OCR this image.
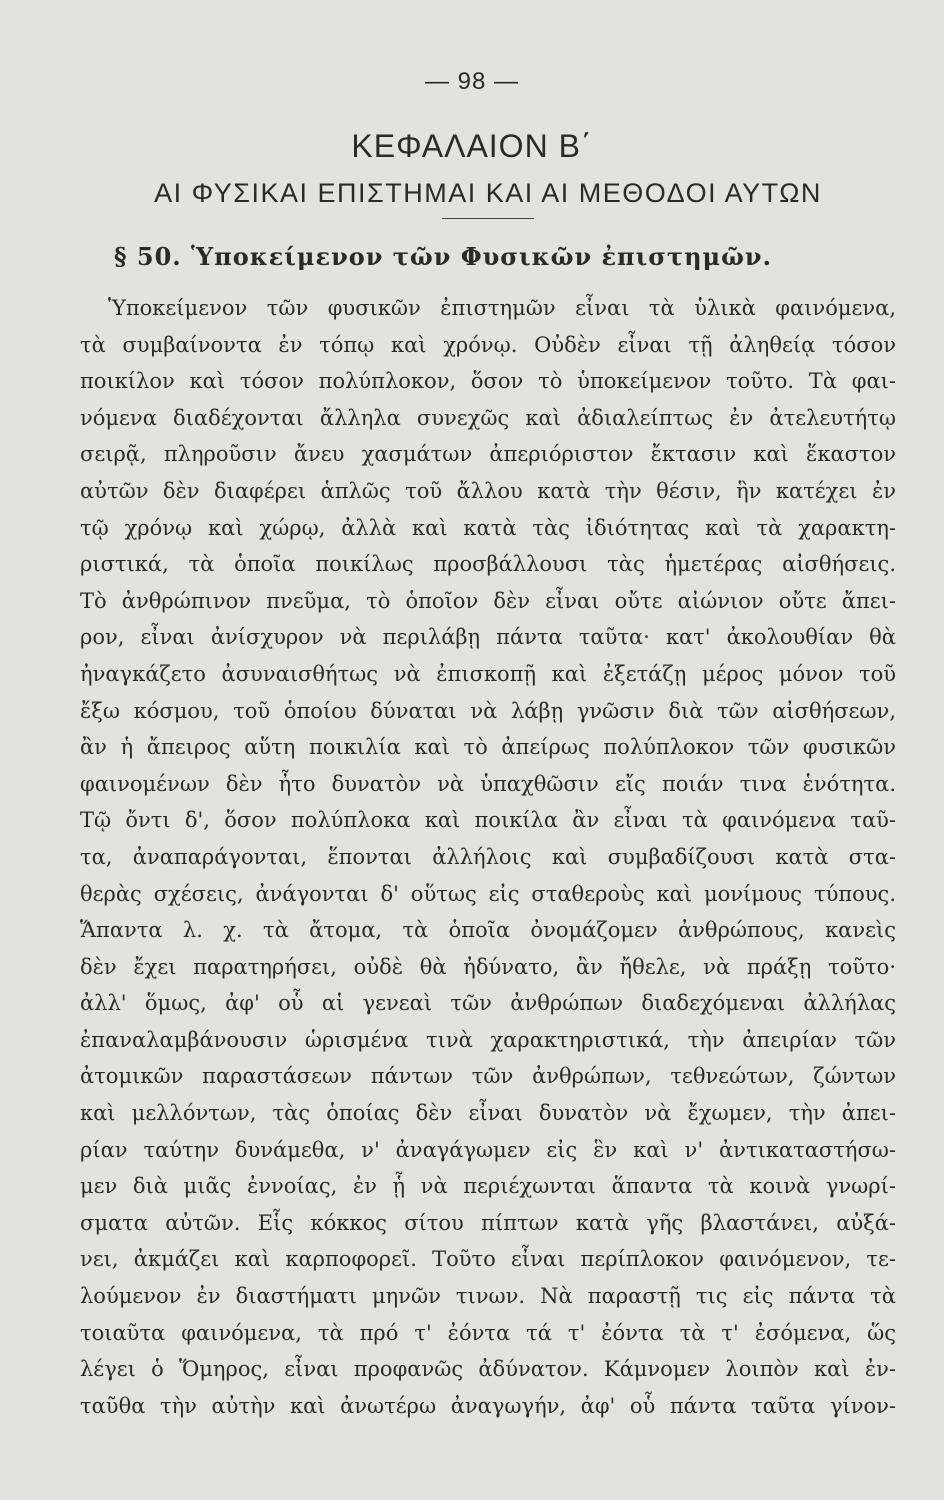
— 98 —
ΚΕΦΑΛΑΙΟΝ Β΄
ΑΙ ΦΥΣΙΚΑΙ ΕΠΙΣΤΗΜΑΙ ΚΑΙ ΑΙ ΜΕΘΟΔΟΙ ΑΥΤΩΝ
§ 50. Ὑποκείμενον τῶν Φυσικῶν ἐπιστημῶν.
Ὑποκείμενον τῶν φυσικῶν ἐπιστημῶν εἶναι τὰ ὑλικὰ φαινόμενα,
τὰ συμβαίνοντα ἐν τόπῳ καὶ χρόνῳ. Οὐδὲν εἶναι τῇ ἀληθείᾳ τόσον
ποικίλον καὶ τόσον πολύπλοκον, ὅσον τὸ ὑποκείμενον τοῦτο. Τὰ φαι-
νόμενα διαδέχονται ἄλληλα συνεχῶς καὶ ἀδιαλείπτως ἐν ἀτελευτήτῳ
σειρᾷ, πληροῦσιν ἄνευ χασμάτων ἀπεριόριστον ἔκτασιν καὶ ἕκαστον
αὐτῶν δὲν διαφέρει ἁπλῶς τοῦ ἄλλου κατὰ τὴν θέσιν, ἣν κατέχει ἐν
τῷ χρόνῳ καὶ χώρῳ, ἀλλὰ καὶ κατὰ τὰς ἰδιότητας καὶ τὰ χαρακτη-
ριστικά, τὰ ὁποῖα ποικίλως προσβάλλουσι τὰς ἡμετέρας αἰσθήσεις.
Τὸ ἀνθρώπινον πνεῦμα, τὸ ὁποῖον δὲν εἶναι οὔτε αἰώνιον οὔτε ἄπει-
ρον, εἶναι ἀνίσχυρον νὰ περιλάβῃ πάντα ταῦτα· κατ' ἀκολουθίαν θὰ
ἠναγκάζετο ἀσυναισθήτως νὰ ἐπισκοπῇ καὶ ἐξετάζῃ μέρος μόνον τοῦ
ἔξω κόσμου, τοῦ ὁποίου δύναται νὰ λάβῃ γνῶσιν διὰ τῶν αἰσθήσεων,
ἂν ἡ ἄπειρος αὕτη ποικιλία καὶ τὸ ἀπείρως πολύπλοκον τῶν φυσικῶν
φαινομένων δὲν ἦτο δυνατὸν νὰ ὑπαχθῶσιν εἴς ποιάν τινα ἑνότητα.
Τῷ ὄντι δ', ὅσον πολύπλοκα καὶ ποικίλα ἂν εἶναι τὰ φαινόμενα ταῦ-
τα, ἀναπαράγονται, ἕπονται ἀλλήλοις καὶ συμβαδίζουσι κατὰ στα-
θερὰς σχέσεις, ἀνάγονται δ' οὕτως εἰς σταθεροὺς καὶ μονίμους τύπους.
Ἅπαντα λ. χ. τὰ ἄτομα, τὰ ὁποῖα ὀνομάζομεν ἀνθρώπους, κανεὶς
δὲν ἔχει παρατηρήσει, οὐδὲ θὰ ἠδύνατο, ἂν ἤθελε, νὰ πράξῃ τοῦτο·
ἀλλ' ὅμως, ἀφ' οὗ αἱ γενεαὶ τῶν ἀνθρώπων διαδεχόμεναι ἀλλήλας
ἐπαναλαμβάνουσιν ὡρισμένα τινὰ χαρακτηριστικά, τὴν ἀπειρίαν τῶν
ἀτομικῶν παραστάσεων πάντων τῶν ἀνθρώπων, τεθνεώτων, ζώντων
καὶ μελλόντων, τὰς ὁποίας δὲν εἶναι δυνατὸν νὰ ἔχωμεν, τὴν ἀπει-
ρίαν ταύτην δυνάμεθα, ν' ἀναγάγωμεν εἰς ἓν καὶ ν' ἀντικαταστήσω-
μεν διὰ μιᾶς ἐννοίας, ἐν ᾗ νὰ περιέχωνται ἅπαντα τὰ κοινὰ γνωρί-
σματα αὐτῶν. Εἷς κόκκος σίτου πίπτων κατὰ γῆς βλαστάνει, αὐξά-
νει, ἀκμάζει καὶ καρποφορεῖ. Τοῦτο εἶναι περίπλοκον φαινόμενον, τε-
λούμενον ἐν διαστήματι μηνῶν τινων. Νὰ παραστῇ τις εἰς πάντα τὰ
τοιαῦτα φαινόμενα, τὰ πρό τ' ἐόντα τά τ' ἐόντα τὰ τ' ἐσόμενα, ὥς
λέγει ὁ Ὅμηρος, εἶναι προφανῶς ἀδύνατον. Κάμνομεν λοιπὸν καὶ ἐν-
ταῦθα τὴν αὐτὴν καὶ ἀνωτέρω ἀναγωγήν, ἀφ' οὗ πάντα ταῦτα γίνον-
